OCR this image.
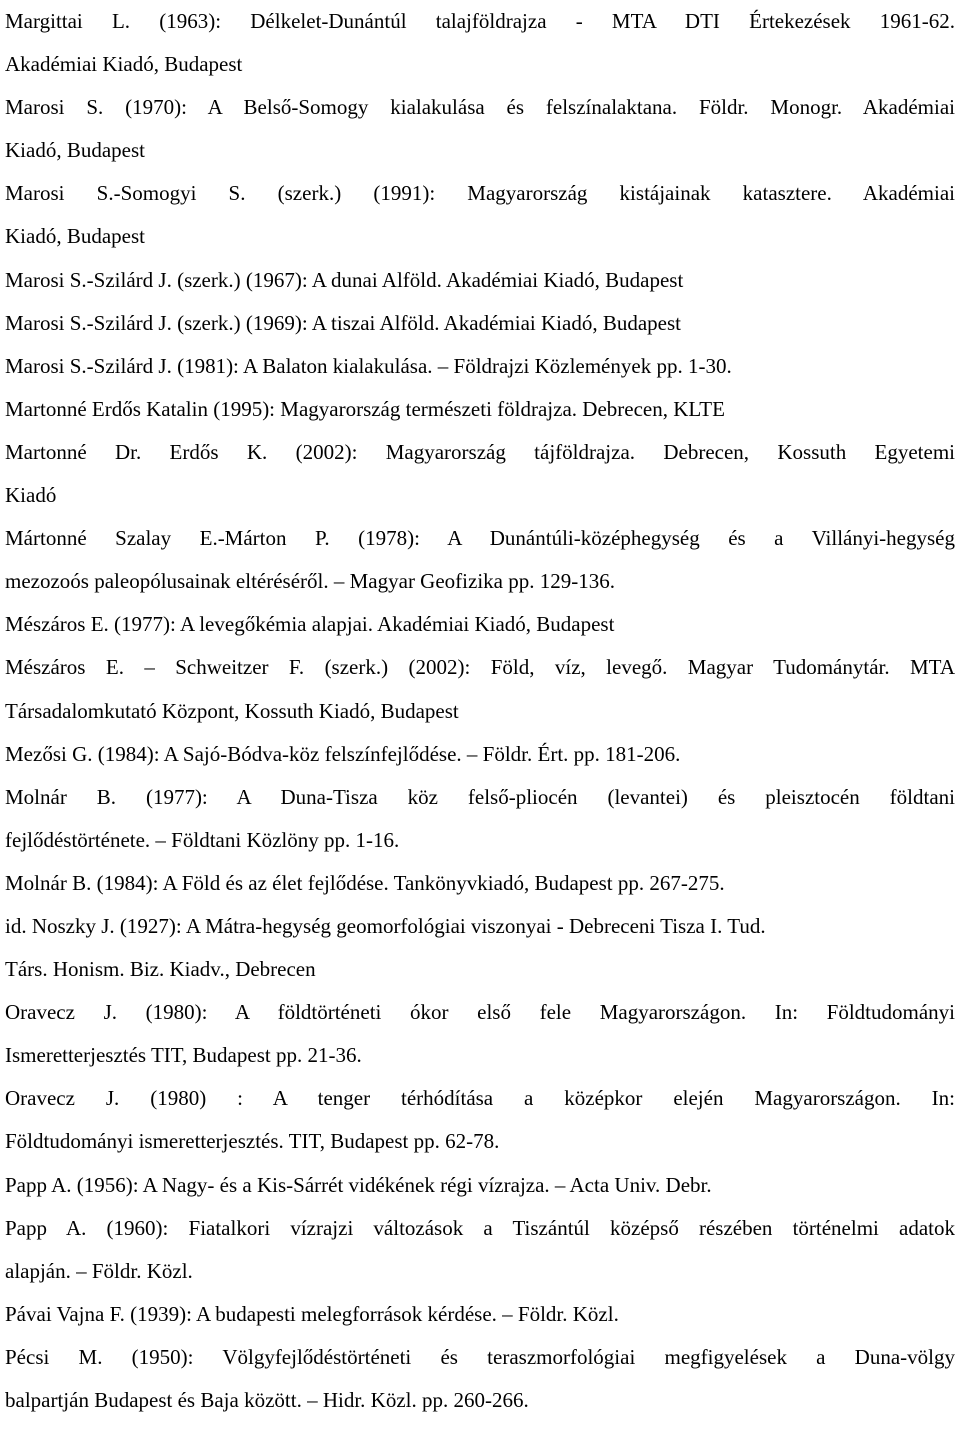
Margittai L. (1963): Délkelet-Dunántúl talajföldrajza - MTA DTI Értekezések 1961-62.
Akadémiai Kiadó, Budapest
Marosi S. (1970): A Belső-Somogy kialakulása és felszínalaktana. Földr. Monogr. Akadémiai
Kiadó, Budapest
Marosi S.-Somogyi S. (szerk.) (1991): Magyarország kistájainak katasztere. Akadémiai
Kiadó, Budapest
Marosi S.-Szilárd J. (szerk.) (1967): A dunai Alföld. Akadémiai Kiadó, Budapest
Marosi S.-Szilárd J. (szerk.) (1969): A tiszai Alföld. Akadémiai Kiadó, Budapest
Marosi S.-Szilárd J. (1981): A Balaton kialakulása. – Földrajzi Közlemények pp. 1-30.
Martonné Erdős Katalin (1995): Magyarország természeti földrajza. Debrecen, KLTE
Martonné Dr. Erdős K. (2002): Magyarország tájföldrajza. Debrecen, Kossuth Egyetemi
Kiadó
Mártonné Szalay E.-Márton P. (1978): A Dunántúli-középhegység és a Villányi-hegység
mezozoós paleopólusainak eltéréséről. – Magyar Geofizika pp. 129-136.
Mészáros E. (1977): A levegőkémia alapjai. Akadémiai Kiadó, Budapest
Mészáros E. – Schweitzer F. (szerk.) (2002): Föld, víz, levegő. Magyar Tudománytár. MTA
Társadalomkutató Központ, Kossuth Kiadó, Budapest
Mezősi G. (1984): A Sajó-Bódva-köz felszínfejlődése. – Földr. Ért. pp. 181-206.
Molnár B. (1977): A Duna-Tisza köz felső-pliocén (levantei) és pleisztocén földtani
fejlődéstörténete. – Földtani Közlöny pp. 1-16.
Molnár B. (1984): A Föld és az élet fejlődése. Tankönyvkiadó, Budapest pp. 267-275.
id. Noszky J. (1927): A Mátra-hegység geomorfológiai viszonyai - Debreceni Tisza I. Tud.
Társ. Honism. Biz. Kiadv., Debrecen
Oravecz J. (1980): A földtörténeti ókor első fele Magyarországon. In: Földtudományi
Ismeretterjesztés TIT, Budapest pp. 21-36.
Oravecz J. (1980) : A tenger térhódítása a középkor elején Magyarországon. In:
Földtudományi ismeretterjesztés. TIT, Budapest pp. 62-78.
Papp A. (1956): A Nagy- és a Kis-Sárrét vidékének régi vízrajza. – Acta Univ. Debr.
Papp A. (1960): Fiatalkori vízrajzi változások a Tiszántúl középső részében történelmi adatok
alapján. – Földr. Közl.
Pávai Vajna F. (1939): A budapesti melegforrások kérdése. – Földr. Közl.
Pécsi M. (1950): Völgyfejlődéstörténeti és teraszmorfológiai megfigyelések a Duna-völgy
balpartján Budapest és Baja között. – Hidr. Közl. pp. 260-266.
